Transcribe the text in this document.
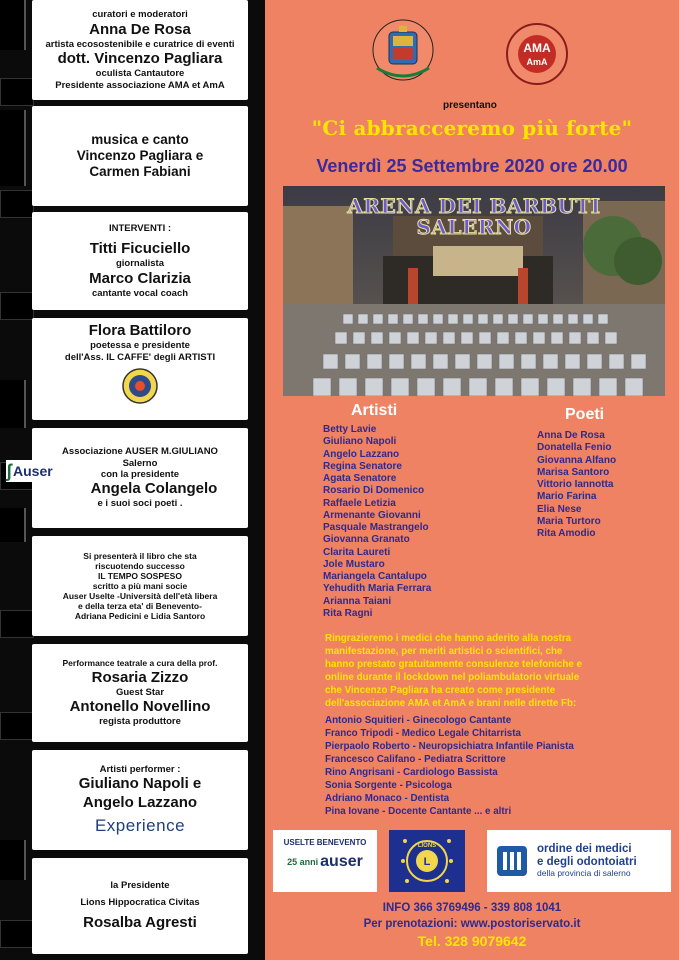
curatori e moderatori
Anna De Rosa
artista ecosostenibile e curatrice di eventi
dott. Vincenzo Pagliara
oculista Cantautore
Presidente associazione AMA et AmA
musica e canto
Vincenzo Pagliara e
Carmen Fabiani
INTERVENTI :
Titti Ficuciello
giornalista
Marco Clarizia
cantante vocal coach
Flora Battiloro
poetessa e presidente
dell'Ass. IL CAFFE' degli ARTISTI
Associazione AUSER M.GIULIANO
Salerno
con la presidente
Angela Colangelo
e i suoi soci poeti .
Si presenterà il libro che sta
riscuotendo successo
IL TEMPO SOSPESO
scritto a più mani socie
Auser Uselte -Università dell'età libera
e della terza eta' di Benevento-
Adriana Pedicini e Lidia Santoro
Performance teatrale a cura della prof.
Rosaria Zizzo
Guest Star
Antonello Novellino
regista produttore
Artisti performer :
Giuliano Napoli e
Angelo Lazzano
Experience
la Presidente
Lions Hippocratica Civitas
Rosalba Agresti
ʃ Auser
AMA
AmA
presentano
"Ci abbracceremo più forte"
Venerdì 25 Settembre 2020 ore 20.00
ARENA DEI BARBUTI
SALERNO
Artisti
Betty Lavie
Giuliano Napoli
Angelo Lazzano
Regina Senatore
Agata Senatore
Rosario Di Domenico
Raffaele Letizia
Armenante Giovanni
Pasquale Mastrangelo
Giovanna Granato
Clarita Laureti
Jole Mustaro
Mariangela Cantalupo
Yehudith Maria Ferrara
Arianna Taiani
Rita Ragni
Poeti
Anna De Rosa
Donatella Fenio
Giovanna Alfano
Marisa Santoro
Vittorio Iannotta
Mario Farina
Elia Nese
Maria Turtoro
Rita Amodio
Ringrazieremo i medici che hanno aderito alla nostra
manifestazione, per meriti artistici o scientifici, che
hanno prestato gratuitamente consulenze telefoniche e
online durante il lockdown nel poliambulatorio virtuale
che Vincenzo Pagliara ha creato come presidente
dell'associazione AMA et AmA e brani nelle dirette Fb:
Antonio Squitieri - Ginecologo Cantante
Franco Tripodi - Medico Legale Chitarrista
Pierpaolo Roberto - Neuropsichiatra Infantile Pianista
Francesco Califano - Pediatra Scrittore
Rino Angrisani - Cardiologo Bassista
Sonia Sorgente - Psicologa
Adriano Monaco - Dentista
Pina Iovane - Docente Cantante ... e altri
USELTE BENEVENTO
25 anni auser	L
LIONS	ordine dei medici
e degli odontoiatri
della provincia di salerno
INFO 366 3769496 - 339 808 1041
Per prenotazioni: www.postoriservato.it
Tel. 328 9079642
